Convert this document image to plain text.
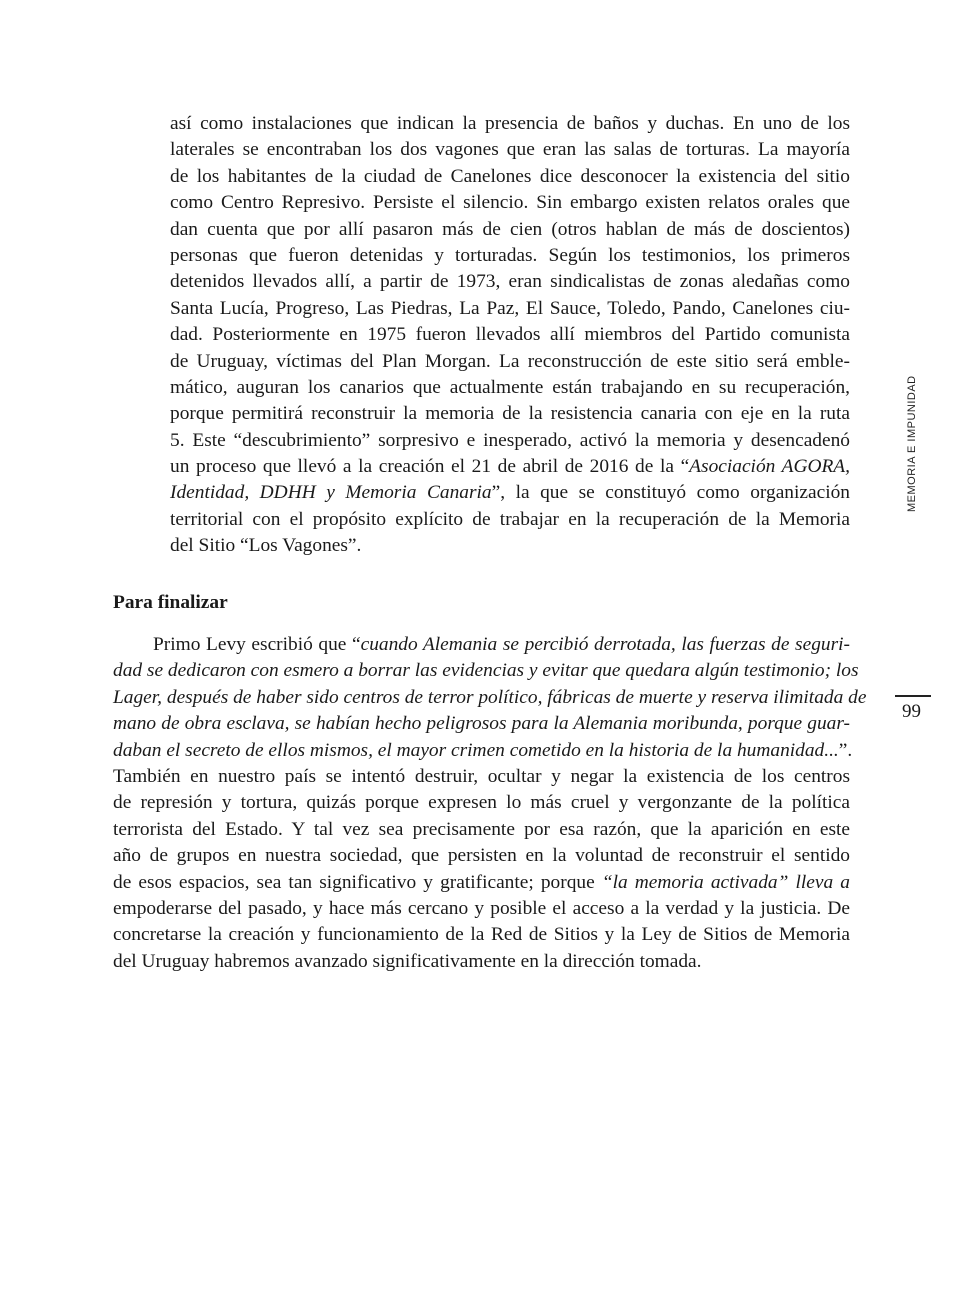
así como instalaciones que indican la presencia de baños y duchas. En uno de los
laterales se encontraban los dos vagones que eran las salas de torturas. La mayoría
de los habitantes de la ciudad de Canelones dice desconocer la existencia del sitio
como Centro Represivo. Persiste el silencio. Sin embargo existen relatos orales que
dan cuenta que por allí pasaron más de cien (otros hablan de más de doscientos)
personas que fueron detenidas y torturadas. Según los testimonios, los primeros
detenidos llevados allí, a partir de 1973, eran sindicalistas de zonas aledañas como
Santa Lucía, Progreso, Las Piedras, La Paz, El Sauce, Toledo, Pando, Canelones ciu-
dad. Posteriormente en 1975 fueron llevados allí miembros del Partido comunista
de Uruguay, víctimas del Plan Morgan. La reconstrucción de este sitio será emble-
mático, auguran los canarios que actualmente están trabajando en su recuperación,
porque permitirá reconstruir la memoria de la resistencia canaria con eje en la ruta
5. Este “descubrimiento” sorpresivo e inesperado, activó la memoria y desencadenó
un proceso que llevó a la creación el 21 de abril de 2016 de la “Asociación AGORA,
Identidad, DDHH y Memoria Canaria”, la que se constituyó como organización
territorial con el propósito explícito de trabajar en la recuperación de la Memoria
del Sitio “Los Vagones”.
Para finalizar
Primo Levy escribió que “cuando Alemania se percibió derrotada, las fuerzas de seguri-
dad se dedicaron con esmero a borrar las evidencias y evitar que quedara algún testimonio; los
Lager, después de haber sido centros de terror político, fábricas de muerte y reserva ilimitada de
mano de obra esclava, se habían hecho peligrosos para la Alemania moribunda, porque guar-
daban el secreto de ellos mismos, el mayor crimen cometido en la historia de la humanidad...”.
También en nuestro país se intentó destruir, ocultar y negar la existencia de los centros
de represión y tortura, quizás porque expresen lo más cruel y vergonzante de la política
terrorista del Estado. Y tal vez sea precisamente por esa razón, que la aparición en este
año de grupos en nuestra sociedad, que persisten en la voluntad de reconstruir el sentido
de esos espacios, sea tan significativo y gratificante; porque “la memoria activada” lleva a
empoderarse del pasado, y hace más cercano y posible el acceso a la verdad y la justicia. De
concretarse la creación y funcionamiento de la Red de Sitios y la Ley de Sitios de Memoria
del Uruguay habremos avanzado significativamente en la dirección tomada.
MEMORIA E IMPUNIDAD
99
